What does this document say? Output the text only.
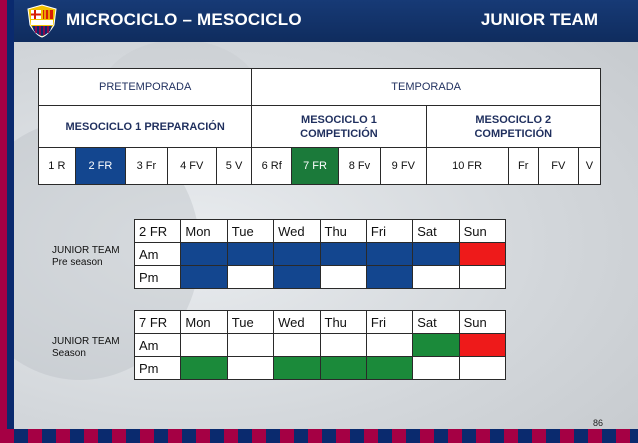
MICROCICLO – MESOCICLO	JUNIOR TEAM
PRETEMPORADA					TEMPORADA							
MESOCICLO 1 PREPARACIÓN					MESOCICLO 1 COMPETICIÓN				MESOCICLO 2 COMPETICIÓN			

1 R	2 FR	3 Fr	4 FV	5 V	6 Rf	7 FR	8 Fv	9 FV	10 FR	Fr	FV	V
JUNIOR TEAM
Pre season
2 FR	Mon	Tue	Wed	Thu	Fri	Sat	Sun
Am							
Pm							
JUNIOR TEAM
Season
7 FR	Mon	Tue	Wed	Thu	Fri	Sat	Sun
Am							
Pm							
86
